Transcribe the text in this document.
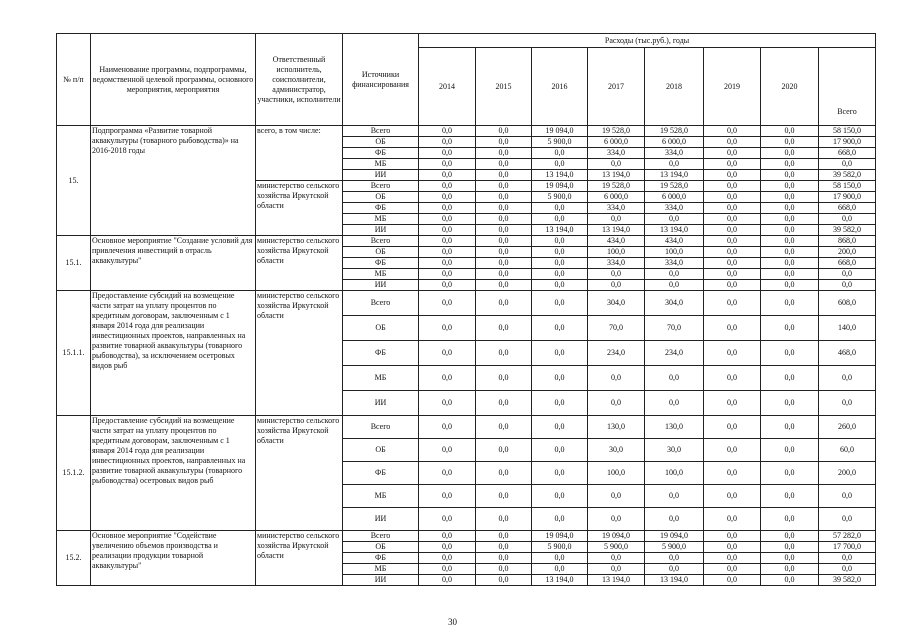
№ п/п	Наименование программы, подпрограммы, ведомственной целевой программы, основного мероприятия, мероприятия	Ответственный исполнитель, соисполнители, администратор, участники, исполнители	Источники финансирования	Расходы (тыс.руб.), годы							
				2014	2015	2016	2017	2018	2019	2020	Всего
15.	Подпрограмма «Развитие товарной аквакультуры (товарного рыбоводства)» на 2016-2018 годы	всего, в том числе:	Всего	0,0	0,0	19 094,0	19 528,0	19 528,0	0,0	0,0	58 150,0
			ОБ	0,0	0,0	5 900,0	6 000,0	6 000,0	0,0	0,0	17 900,0
			ФБ	0,0	0,0	0,0	334,0	334,0	0,0	0,0	668,0
			МБ	0,0	0,0	0,0	0,0	0,0	0,0	0,0	0,0
			ИИ	0,0	0,0	13 194,0	13 194,0	13 194,0	0,0	0,0	39 582,0
		министерство сельского хозяйства Иркутской области	Всего	0,0	0,0	19 094,0	19 528,0	19 528,0	0,0	0,0	58 150,0
			ОБ	0,0	0,0	5 900,0	6 000,0	6 000,0	0,0	0,0	17 900,0
			ФБ	0,0	0,0	0,0	334,0	334,0	0,0	0,0	668,0
			МБ	0,0	0,0	0,0	0,0	0,0	0,0	0,0	0,0
			ИИ	0,0	0,0	13 194,0	13 194,0	13 194,0	0,0	0,0	39 582,0
15.1.	Основное мероприятие "Создание условий для привлечения инвестиций в отрасль аквакультуры"	министерство сельского хозяйства Иркутской области	Всего	0,0	0,0	0,0	434,0	434,0	0,0	0,0	868,0
			ОБ	0,0	0,0	0,0	100,0	100,0	0,0	0,0	200,0
			ФБ	0,0	0,0	0,0	334,0	334,0	0,0	0,0	668,0
			МБ	0,0	0,0	0,0	0,0	0,0	0,0	0,0	0,0
			ИИ	0,0	0,0	0,0	0,0	0,0	0,0	0,0	0,0
15.1.1.	Предоставление субсидий на возмещение части затрат на уплату процентов по кредитным договорам, заключенным с 1 января 2014 года для реализации инвестиционных проектов, направленных на развитие товарной аквакультуры (товарного рыбоводства), за исключением осетровых видов рыб	министерство сельского хозяйства Иркутской области	Всего	0,0	0,0	0,0	304,0	304,0	0,0	0,0	608,0
			ОБ	0,0	0,0	0,0	70,0	70,0	0,0	0,0	140,0
			ФБ	0,0	0,0	0,0	234,0	234,0	0,0	0,0	468,0
			МБ	0,0	0,0	0,0	0,0	0,0	0,0	0,0	0,0
			ИИ	0,0	0,0	0,0	0,0	0,0	0,0	0,0	0,0
15.1.2.	Предоставление субсидий на возмещение части затрат на уплату процентов по кредитным договорам, заключенным с 1 января 2014 года для реализации инвестиционных проектов, направленных на развитие товарной аквакультуры (товарного рыбоводства) осетровых видов рыб	министерство сельского хозяйства Иркутской области	Всего	0,0	0,0	0,0	130,0	130,0	0,0	0,0	260,0
			ОБ	0,0	0,0	0,0	30,0	30,0	0,0	0,0	60,0
			ФБ	0,0	0,0	0,0	100,0	100,0	0,0	0,0	200,0
			МБ	0,0	0,0	0,0	0,0	0,0	0,0	0,0	0,0
			ИИ	0,0	0,0	0,0	0,0	0,0	0,0	0,0	0,0
15.2.	Основное мероприятие "Содействие увеличению объемов производства и реализации продукции товарной аквакультуры"	министерство сельского хозяйства Иркутской области	Всего	0,0	0,0	19 094,0	19 094,0	19 094,0	0,0	0,0	57 282,0
			ОБ	0,0	0,0	5 900,0	5 900,0	5 900,0	0,0	0,0	17 700,0
			ФБ	0,0	0,0	0,0	0,0	0,0	0,0	0,0	0,0
			МБ	0,0	0,0	0,0	0,0	0,0	0,0	0,0	0,0
			ИИ	0,0	0,0	13 194,0	13 194,0	13 194,0	0,0	0,0	39 582,0
30
